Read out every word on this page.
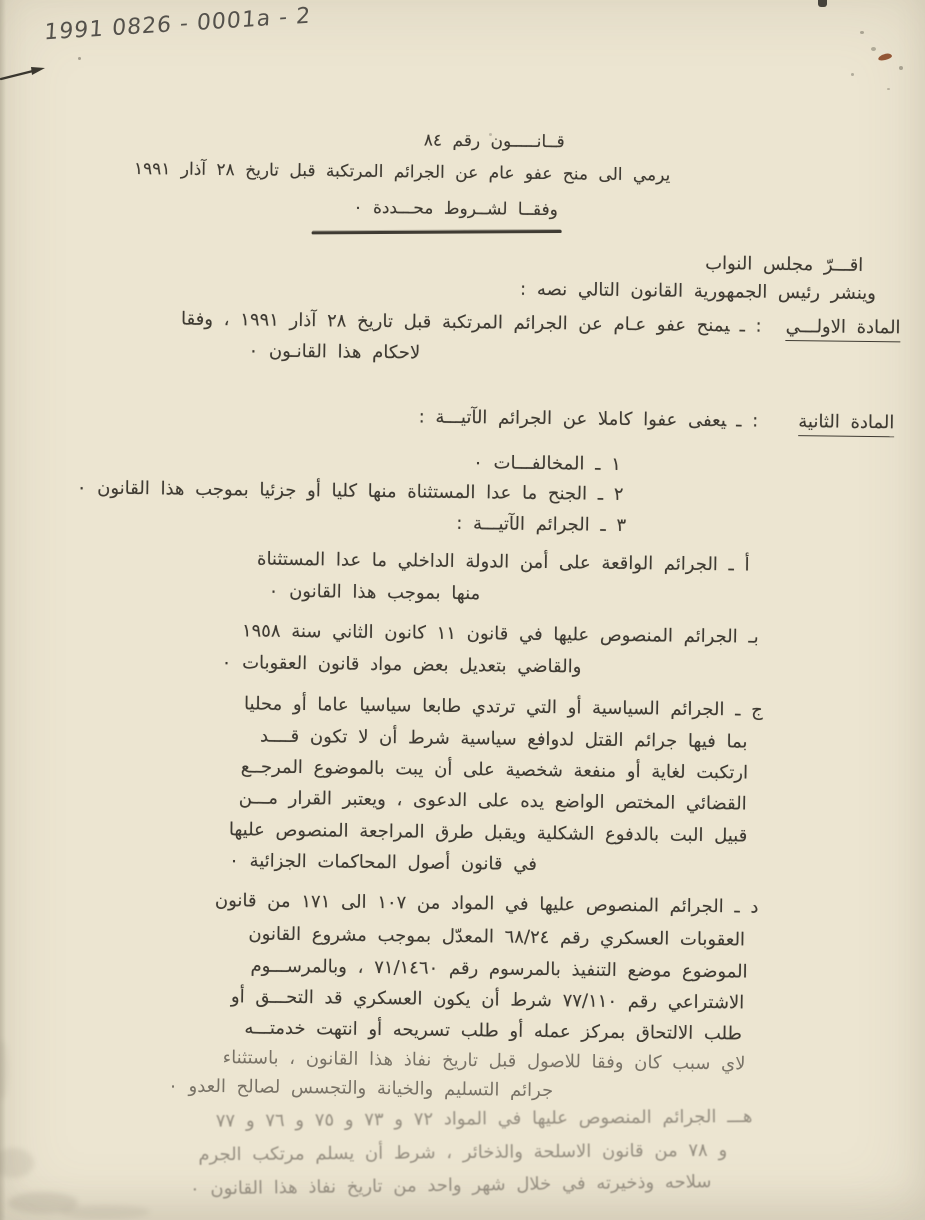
1991 0826 - 0001a - 2
قــانـــــون رقم ٨٤
يرمي الى منح عفو عام عن الجرائم المرتكبة قبل تاريخ ٢٨ آذار ١٩٩١
وفقــا لشــروط محـــددة ٠
اقـــرّ مجلس النواب
وينشر رئيس الجمهورية القانون التالي نصه :
المادة الاولـــي: ـيمنح عفو عـام عن الجرائم المرتكبة قبل تاريخ ٢٨ آذار ١٩٩١ ، وفقا
لاحكام هذا القانـون ٠
المادة الثانية: ـيعفى عفوا كاملا عن الجرائم الآتيـــة :
١ ـ المخالفـــات ٠
٢ ـ الجنح ما عدا المستثناة منها كليا أو جزئيا بموجب هذا القانون ٠
٣ ـ الجرائم الآتيـــة :
أ ـ الجرائم الواقعة على أمن الدولة الداخلي ما عدا المستثناة
منها بموجب هذا القانون ٠
بـ الجرائم المنصوص عليها في قانون ١١ كانون الثاني سنة ١٩٥٨
والقاضي بتعديل بعض مواد قانون العقوبات ٠
ج ـ الجرائم السياسية أو التي ترتدي طابعا سياسيا عاما أو محليا
بما فيها جرائم القتل لدوافع سياسية شرط أن لا تكون قــــد
ارتكبت لغاية أو منفعة شخصية على أن يبت بالموضوع المرجــع
القضائي المختص الواضع يده على الدعوى ، ويعتبر القرار مـــن
قبيل البت بالدفوع الشكلية ويقبل طرق المراجعة المنصوص عليها
في قانون أصول المحاكمات الجزائية ٠
د ـ الجرائم المنصوص عليها في المواد من ١٠٧ الى ١٧١ من قانون
العقوبات العسكري رقم ٦٨/٢٤ المعدّل بموجب مشروع القانون
الموضوع موضع التنفيذ بالمرسوم رقم ٧١/١٤٦٠ ، وبالمرســـوم
الاشتراعي رقم ٧٧/١١٠ شرط أن يكون العسكري قد التحـــق أو
طلب الالتحاق بمركز عمله أو طلب تسريحه أو انتهت خدمتـــه
لاي سبب كان وفقا للاصول قبل تاريخ نفاذ هذا القانون ، باستثناء
جرائم التسليم والخيانة والتجسس لصالح العدو ٠
هـــ الجرائم المنصوص عليها في المواد ٧٢ و ٧٣ و ٧٥ و ٧٦ و ٧٧
و ٧٨ من قانون الاسلحة والذخائر ، شرط أن يسلم مرتكب الجرم
سلاحه وذخيرته في خلال شهر واحد من تاريخ نفاذ هذا القانون ٠
